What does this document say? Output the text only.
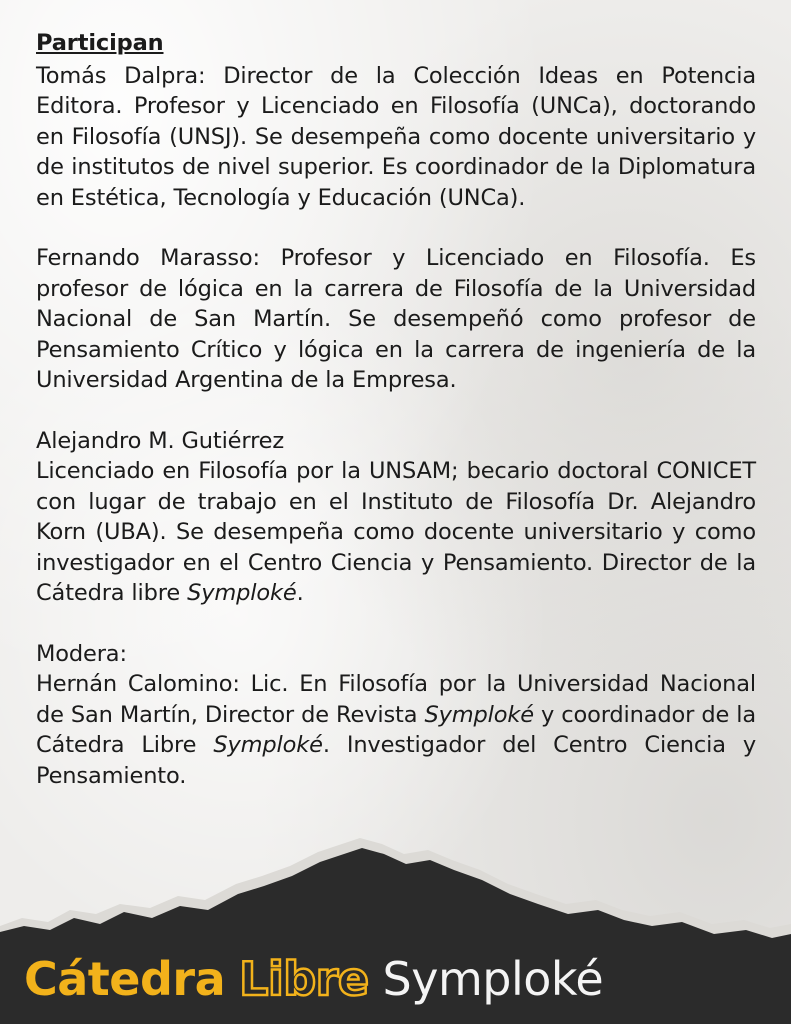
Participan

Tomás Dalpra: Director de la Colección Ideas en Potencia Editora. Profesor y Licenciado en Filosofía (UNCa), doctorando en Filosofía (UNSJ). Se desempeña como docente universitario y de institutos de nivel superior. Es coordinador de la Diplomatura en Estética, Tecnología y Educación (UNCa).

Fernando Marasso: Profesor y Licenciado en Filosofía. Es profesor de lógica en la carrera de Filosofía de la Universidad Nacional de San Martín. Se desempeñó como profesor de Pensamiento Crítico y lógica en la carrera de ingeniería de la Universidad Argentina de la Empresa.

Alejandro M. Gutiérrez

Licenciado en Filosofía por la UNSAM; becario doctoral CONICET con lugar de trabajo en el Instituto de Filosofía Dr. Alejandro Korn (UBA). Se desempeña como docente universitario y como investigador en el Centro Ciencia y Pensamiento. Director de la Cátedra libre Symploké.

Modera:

Hernán Calomino: Lic. En Filosofía por la Universidad Nacional de San Martín, Director de Revista Symploké y coordinador de la Cátedra Libre Symploké. Investigador del Centro Ciencia y Pensamiento.

Cátedra Libre Symploké
